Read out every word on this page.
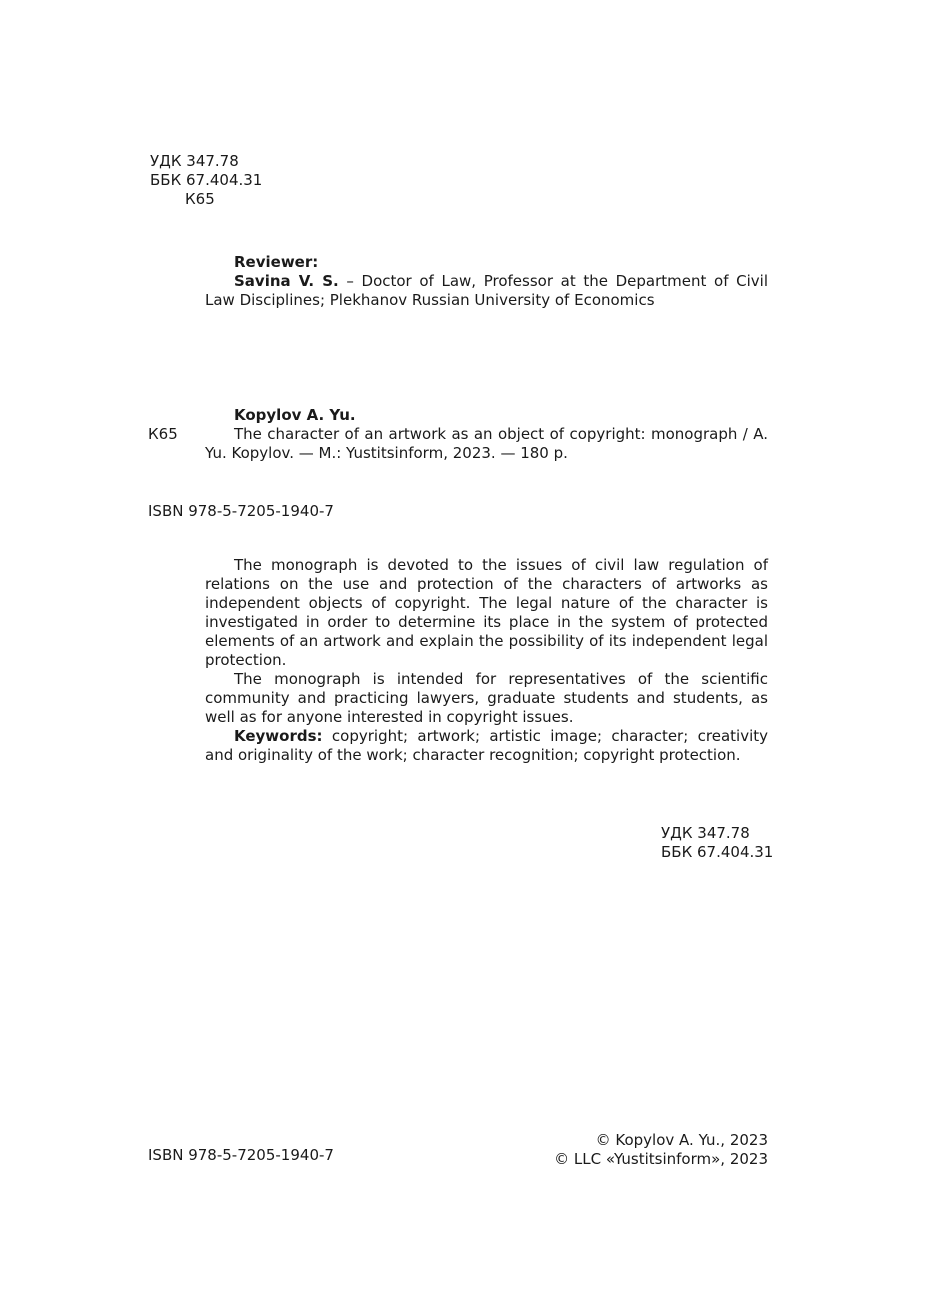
УДК 347.78
ББК 67.404.31
К65
Reviewer:

Savina V. S. – Doctor of Law, Professor at the Department of Civil Law Disciplines; Plekhanov Russian University of Economics

Kopylov A. Yu.
К65	The character of an artwork as an object of copyright: monograph / A. Yu. Kopylov. — M.: Yustitsinform, 2023. — 180 p.

ISBN 978-5-7205-1940-7

The monograph is devoted to the issues of civil law regulation of relations on the use and protection of the characters of artworks as independent objects of copyright. The legal nature of the character is investigated in order to determine its place in the system of protected elements of an artwork and explain the possibility of its independent legal protection.

The monograph is intended for representatives of the scientific community and practicing lawyers, graduate students and students, as well as for anyone interested in copyright issues.

Keywords: copyright; artwork; artistic image; character; creativity and originality of the work; character recognition; copyright protection.

УДК 347.78
ББК 67.404.31
ISBN 978-5-7205-1940-7
© Kopylov A. Yu., 2023
© LLC «Yustitsinform», 2023
